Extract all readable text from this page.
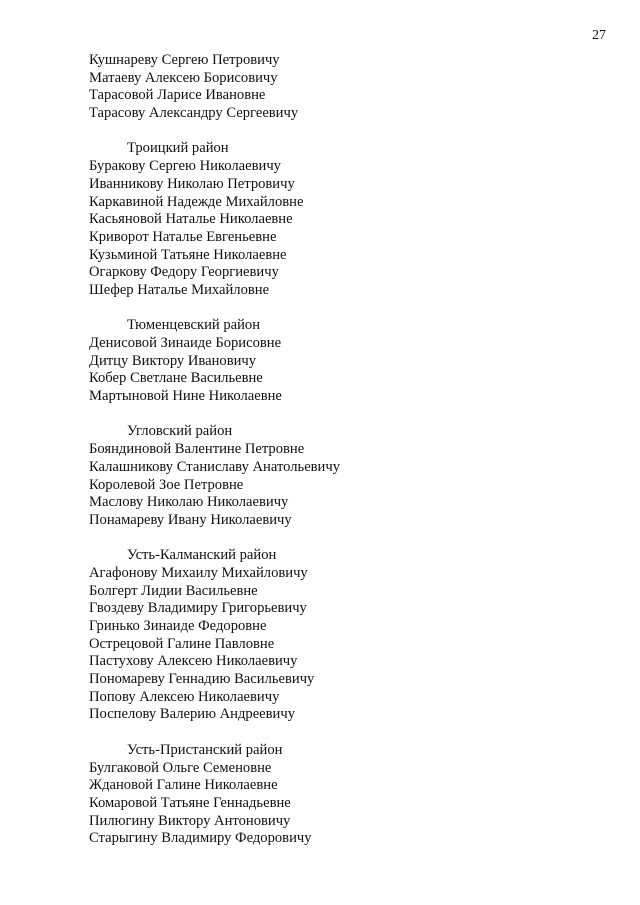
27
Кушнареву Сергею Петровичу
Матаеву Алексею Борисовичу
Тарасовой Ларисе Ивановне
Тарасову Александру Сергеевичу
Троицкий район
Буракову Сергею Николаевичу
Иванникову Николаю Петровичу
Каркавиной Надежде Михайловне
Касьяновой Наталье Николаевне
Криворот Наталье Евгеньевне
Кузьминой Татьяне Николаевне
Огаркову Федору Георгиевичу
Шефер Наталье Михайловне
Тюменцевский район
Денисовой Зинаиде Борисовне
Дитцу Виктору Ивановичу
Кобер Светлане Васильевне
Мартыновой Нине Николаевне
Угловский район
Бояндиновой Валентине Петровне
Калашникову Станиславу Анатольевичу
Королевой Зое Петровне
Маслову Николаю Николаевичу
Понамареву Ивану Николаевичу
Усть-Калманский район
Агафонову Михаилу Михайловичу
Болгерт Лидии Васильевне
Гвоздеву Владимиру Григорьевичу
Гринько Зинаиде Федоровне
Острецовой Галине Павловне
Пастухову Алексею Николаевичу
Пономареву Геннадию Васильевичу
Попову Алексею Николаевичу
Поспелову Валерию Андреевичу
Усть-Пристанский район
Булгаковой Ольге Семеновне
Ждановой Галине Николаевне
Комаровой Татьяне Геннадьевне
Пилюгину Виктору Антоновичу
Старыгину Владимиру Федоровичу
